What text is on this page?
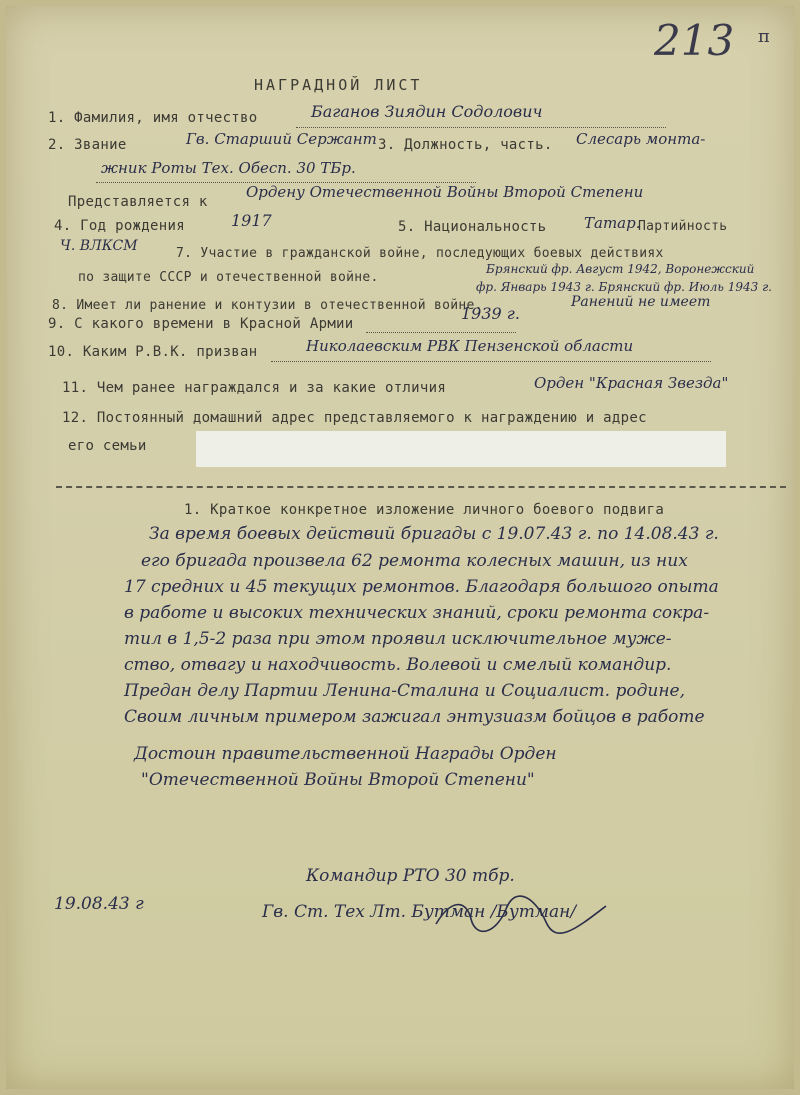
213 п
НАГРАДНОЙ ЛИСТ
1. Фамилия, имя отчество	Баганов Зиядин Содолович
2. Звание	Гв. Старший Сержант 3. Должность, часть. Слесарь монта-
жник Роты Тех. Обесп. 30 ТБр.
Представляется к
Ордену Отечественной Войны Второй Степени
4. Год рождения	1917	5. Национальность	Татар.
Партийность
Ч. ВЛКСМ	7. Участие в гражданской войне, последующих боевых действиях
по защите СССР и отечественной войне.
Брянский фр. Август 1942, Воронежский
фр. Январь 1943 г. Брянский фр. Июль 1943 г.
8. Имеет ли ранение и контузии в отечественной войне.	Ранений не имеет
9. С какого времени в Красной Армии
1939 г.
10. Каким Р.В.К. призван	Николаевским РВК Пензенской области
11. Чем ранее награждался и за какие отличия	Орден "Красная Звезда"
12. Постоянный домашний адрес представляемого к награждению и адрес
его семьи
1. Краткое конкретное изложение личного боевого подвига
За время боевых действий бригады с 19.07.43 г. по 14.08.43 г.
его бригада произвела 62 ремонта колесных машин, из них
17 средних и 45 текущих ремонтов. Благодаря большого опыта
в работе и высоких технических знаний, сроки ремонта сокра-
тил в 1,5-2 раза при этом проявил исключительное муже-
ство, отвагу и находчивость. Волевой и смелый командир.
Предан делу Партии Ленина-Сталина и Социалист. родине,
Своим личным примером зажигал энтузиазм бойцов в работе
Достоин правительственной Награды Орден
"Отечественной Войны Второй Степени"
19.08.43 г
Командир РТО 30 тбр.
Гв. Ст. Тех Лт. Бутман /Бутман/
